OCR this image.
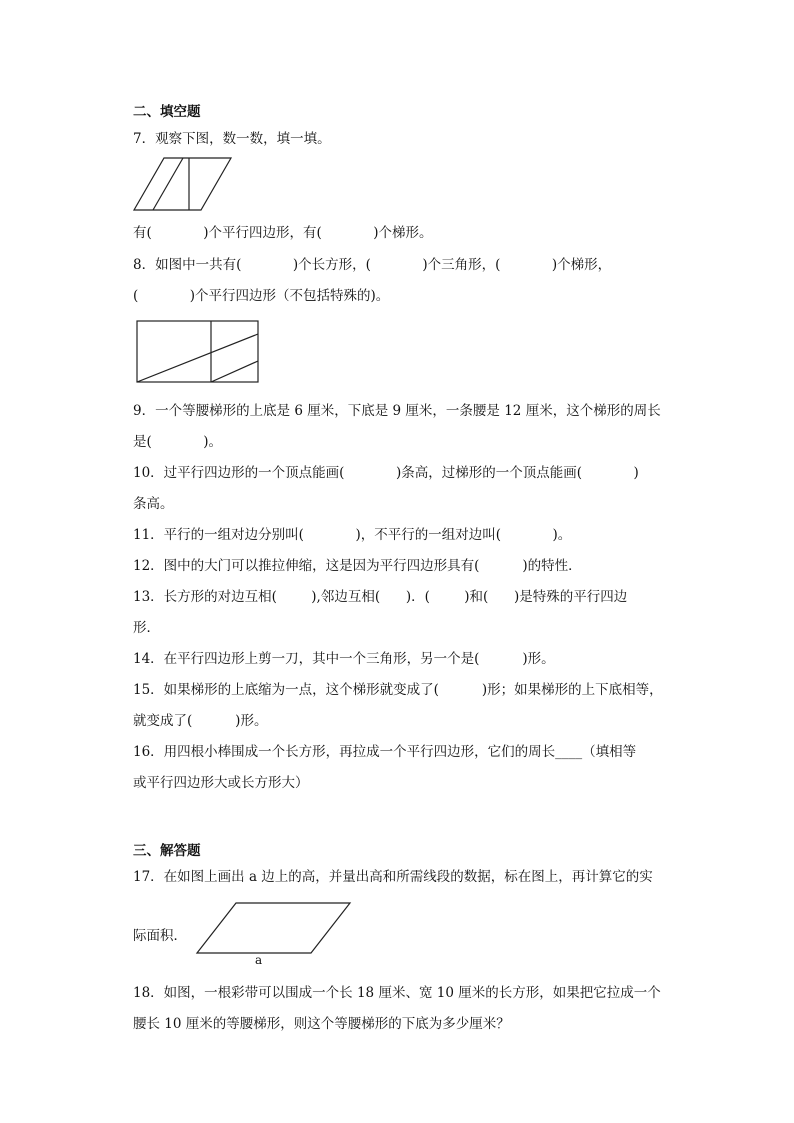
二、填空题
7．观察下图，数一数，填一填。
有(            )个平行四边形，有(            )个梯形。
8．如图中一共有(            )个长方形，(            )个三角形，(            )个梯形，
(            )个平行四边形（不包括特殊的)。
9．一个等腰梯形的上底是 6 厘米，下底是 9 厘米，一条腰是 12 厘米，这个梯形的周长
是(            )。
10．过平行四边形的一个顶点能画(            )条高，过梯形的一个顶点能画(            )
条高。
11．平行的一组对边分别叫(            )，不平行的一组对边叫(            )。
12．图中的大门可以推拉伸缩，这是因为平行四边形具有(          )的特性．
13．长方形的对边互相(        ),邻边互相(      )．(        )和(      )是特殊的平行四边
形．
14．在平行四边形上剪一刀，其中一个三角形，另一个是(          )形。
15．如果梯形的上底缩为一点，这个梯形就变成了(          )形；如果梯形的上下底相等，
就变成了(          )形。
16．用四根小棒围成一个长方形，再拉成一个平行四边形，它们的周长____（填相等
或平行四边形大或长方形大）
三、解答题
17．在如图上画出 a 边上的高，并量出高和所需线段的数据，标在图上，再计算它的实
际面积．
a
18．如图，一根彩带可以围成一个长 18 厘米、宽 10 厘米的长方形，如果把它拉成一个
腰长 10 厘米的等腰梯形，则这个等腰梯形的下底为多少厘米？
